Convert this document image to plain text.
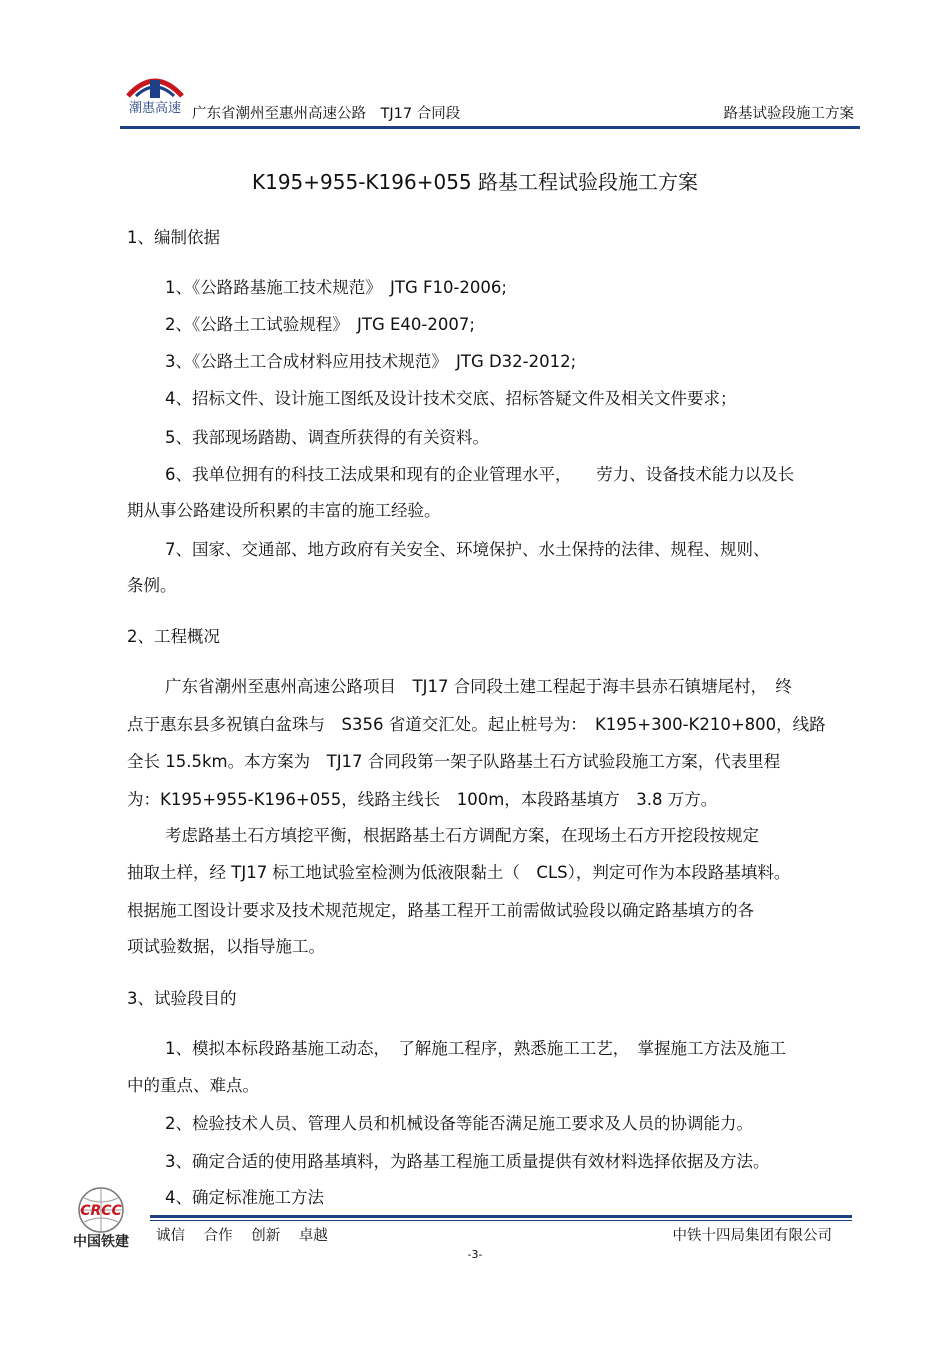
潮惠高速 广东省潮州至惠州高速公路　TJ17 合同段	路基试验段施工方案
K195+955-K196+055 路基工程试验段施工方案
1、编制依据
1、《公路路基施工技术规范》　JTG F10-2006;
2、《公路土工试验规程》　JTG E40-2007;
3、《公路土工合成材料应用技术规范》　JTG D32-2012;
4、招标文件、设计施工图纸及设计技术交底、招标答疑文件及相关文件要求；
5、我部现场踏勘、调查所获得的有关资料。
6、我单位拥有的科技工法成果和现有的企业管理水平，　　劳力、设备技术能力以及长
期从事公路建设所积累的丰富的施工经验。
7、国家、交通部、地方政府有关安全、环境保护、水土保持的法律、规程、规则、
条例。
2、工程概况
广东省潮州至惠州高速公路项目　TJ17 合同段土建工程起于海丰县赤石镇塘尾村，　终
点于惠东县多祝镇白盆珠与　S356 省道交汇处。起止桩号为：　K195+300-K210+800，线路
全长 15.5km。本方案为　TJ17 合同段第一架子队路基土石方试验段施工方案，代表里程
为：K195+955-K196+055，线路主线长　100m，本段路基填方　3.8 万方。
考虑路基土石方填挖平衡，根据路基土石方调配方案，在现场土石方开挖段按规定
抽取土样，经 TJ17 标工地试验室检测为低液限黏土（　CLS），判定可作为本段路基填料。
根据施工图设计要求及技术规范规定，路基工程开工前需做试验段以确定路基填方的各
项试验数据，以指导施工。
3、试验段目的
1、模拟本标段路基施工动态，　了解施工程序，熟悉施工工艺，　掌握施工方法及施工
中的重点、难点。
2、检验技术人员、管理人员和机械设备等能否满足施工要求及人员的协调能力。
3、确定合适的使用路基填料，为路基工程施工质量提供有效材料选择依据及方法。
4、确定标准施工方法
CRCC
中国铁建 诚信 合作 创新 卓越	中铁十四局集团有限公司
-3-
